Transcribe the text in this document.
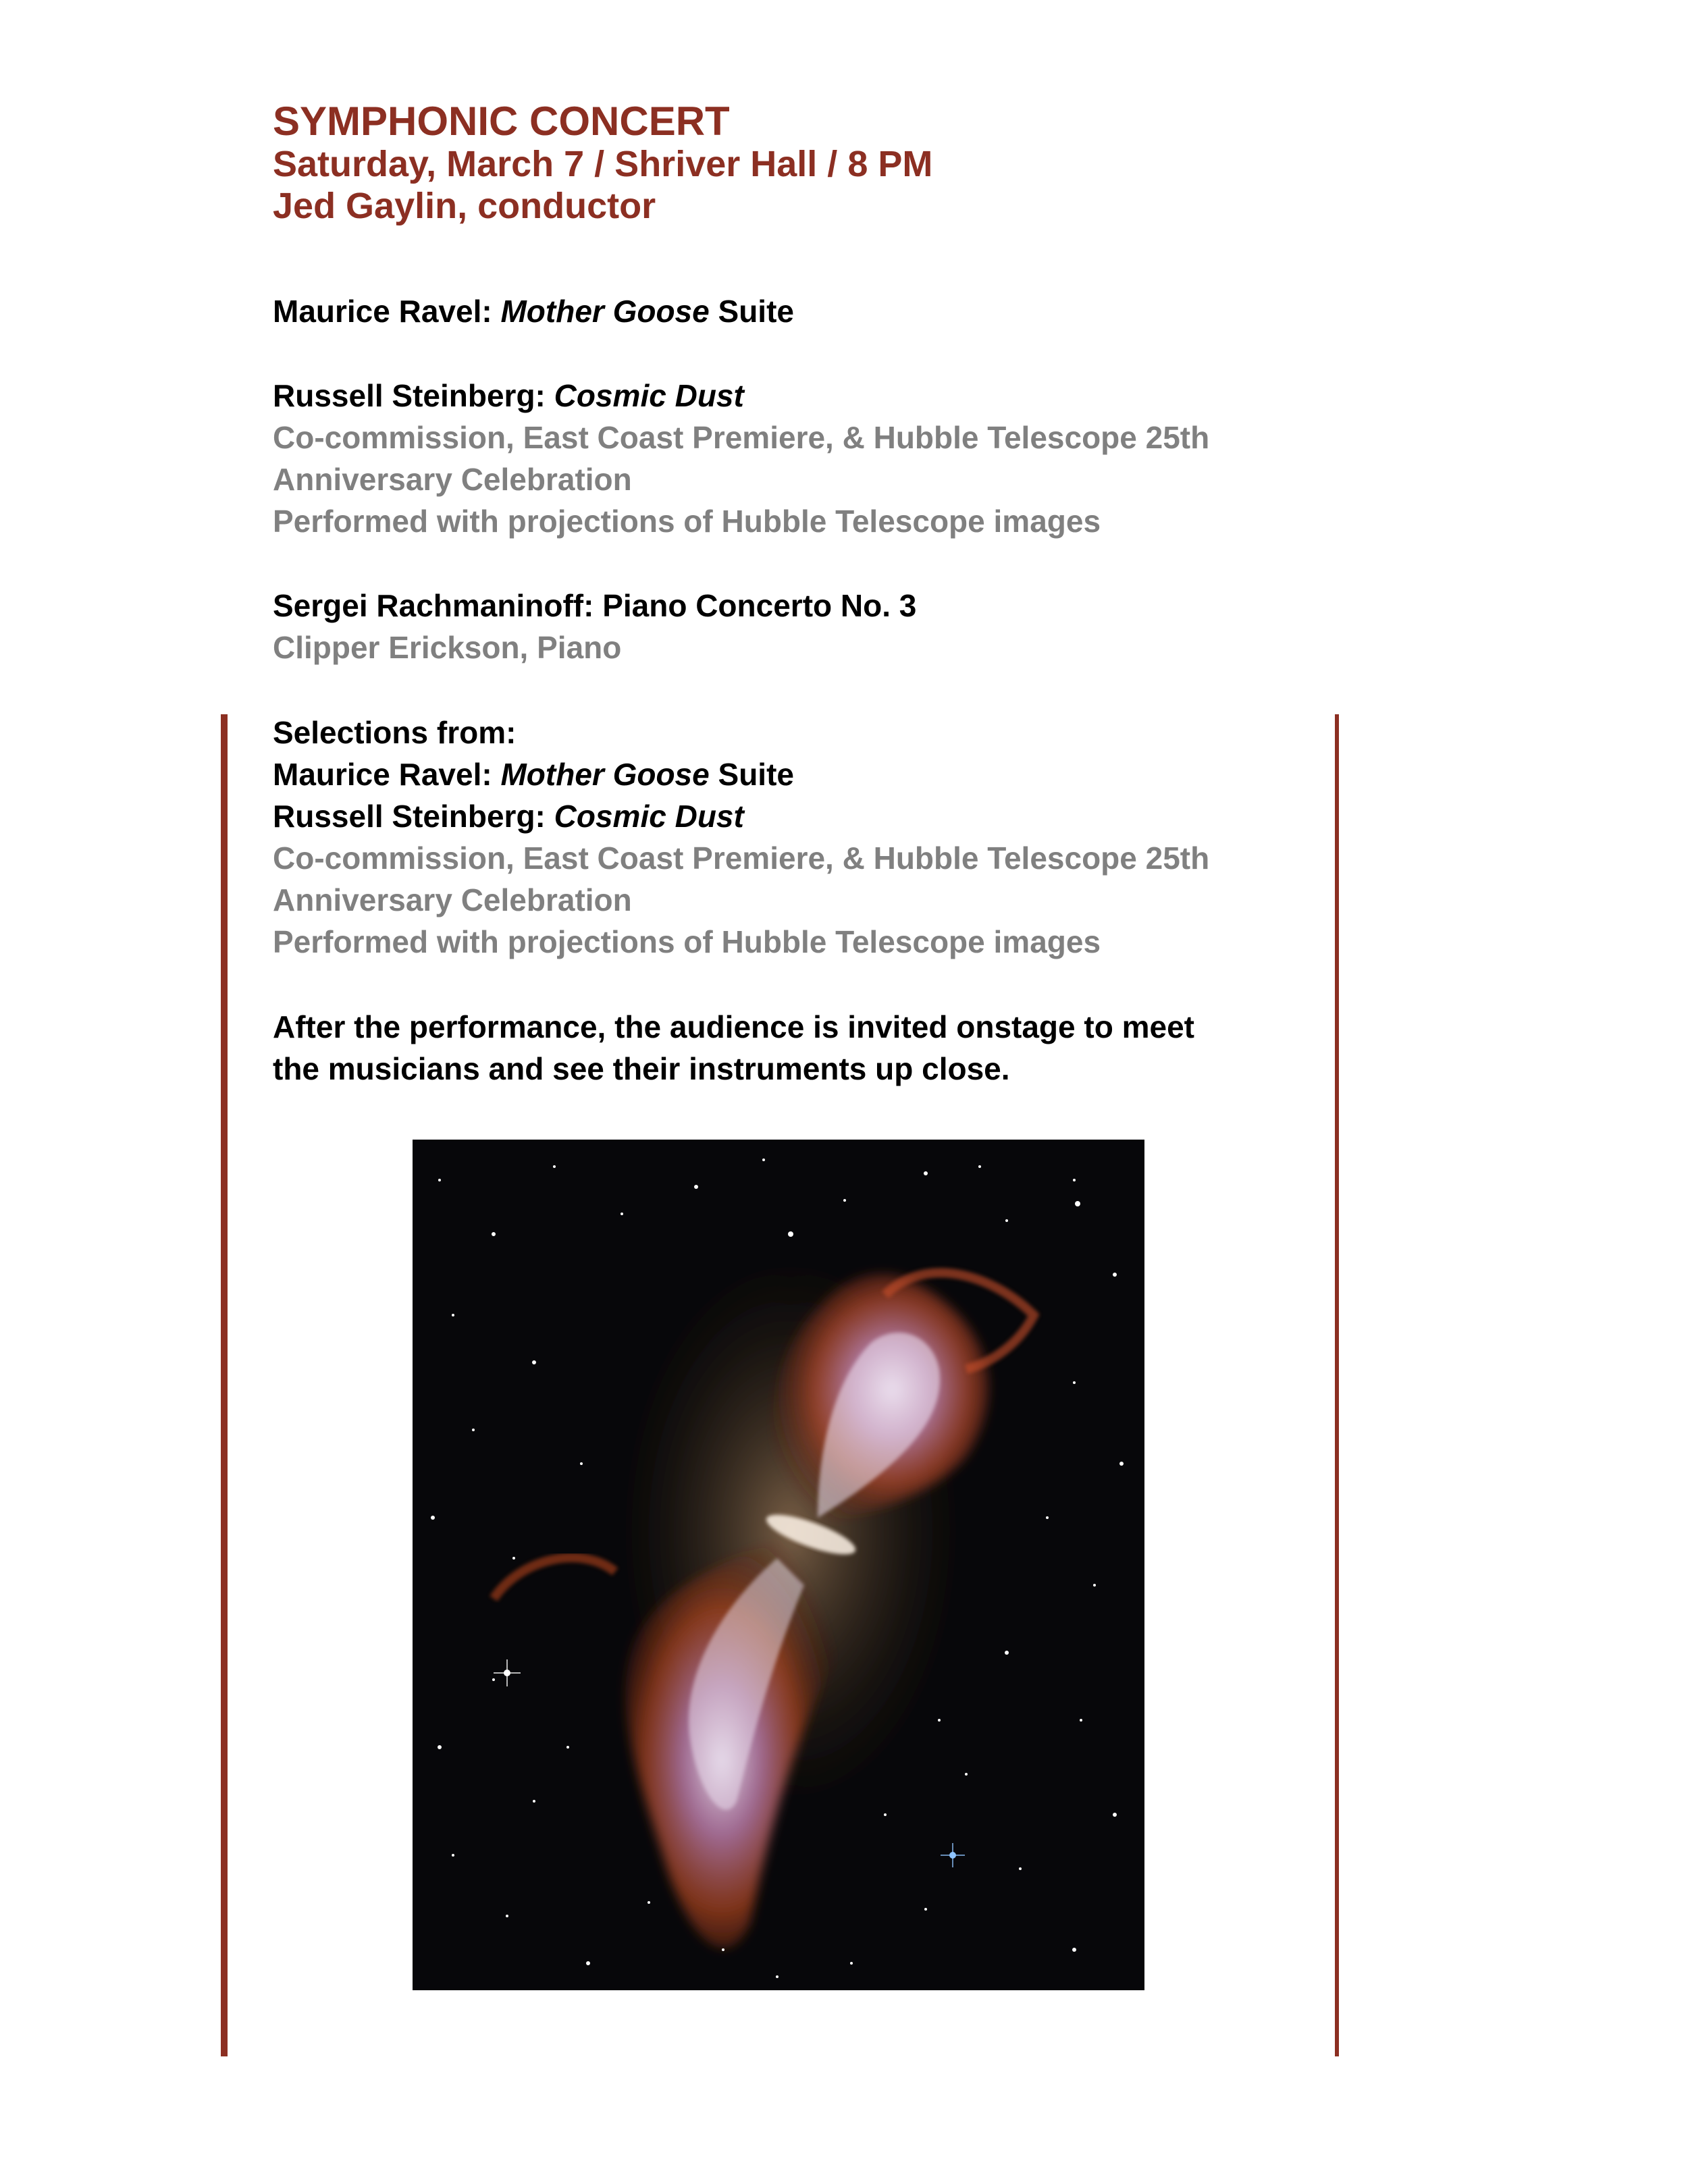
SYMPHONIC CONCERT
Saturday, March 7 / Shriver Hall / 8 PM
Jed Gaylin, conductor
Maurice Ravel: Mother Goose Suite
Russell Steinberg: Cosmic Dust
Co-commission, East Coast Premiere, & Hubble Telescope 25th
Anniversary Celebration
Performed with projections of Hubble Telescope images
Sergei Rachmaninoff: Piano Concerto No. 3
Clipper Erickson, Piano
Selections from:
Maurice Ravel: Mother Goose Suite
Russell Steinberg: Cosmic Dust
Co-commission, East Coast Premiere, & Hubble Telescope 25th
Anniversary Celebration
Performed with projections of Hubble Telescope images
After the performance, the audience is invited onstage to meet
the musicians and see their instruments up close.
